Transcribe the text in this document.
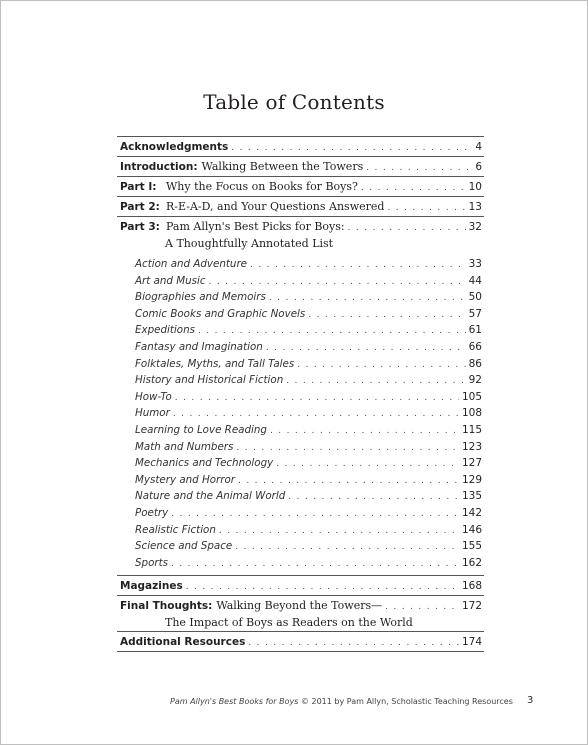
Table of Contents
Acknowledgments . . .	4
Introduction: Walking Between the Towers . . .	6
Part I: Why the Focus on Books for Boys? . . .	10
Part 2: R-E-A-D, and Your Questions Answered . . .	13
Part 3: Pam Allyn's Best Picks for Boys: . . .	32
A Thoughtfully Annotated List
Action and Adventure . . .	33
Art and Music . . .	44
Biographies and Memoirs . . .	50
Comic Books and Graphic Novels . . .	57
Expeditions . . .	61
Fantasy and Imagination . . .	66
Folktales, Myths, and Tall Tales . . .	86
History and Historical Fiction . . .	92
How-To . . .	105
Humor . . .	108
Learning to Love Reading . . .	115
Math and Numbers . . .	123
Mechanics and Technology . . .	127
Mystery and Horror . . .	129
Nature and the Animal World . . .	135
Poetry . . .	142
Realistic Fiction . . .	146
Science and Space . . .	155
Sports . . .	162
Magazines . . .	168
Final Thoughts: Walking Beyond the Towers— . . .	172
The Impact of Boys as Readers on the World
Additional Resources . . .	174
Pam Allyn's Best Books for Boys © 2011 by Pam Allyn, Scholastic Teaching Resources 3
